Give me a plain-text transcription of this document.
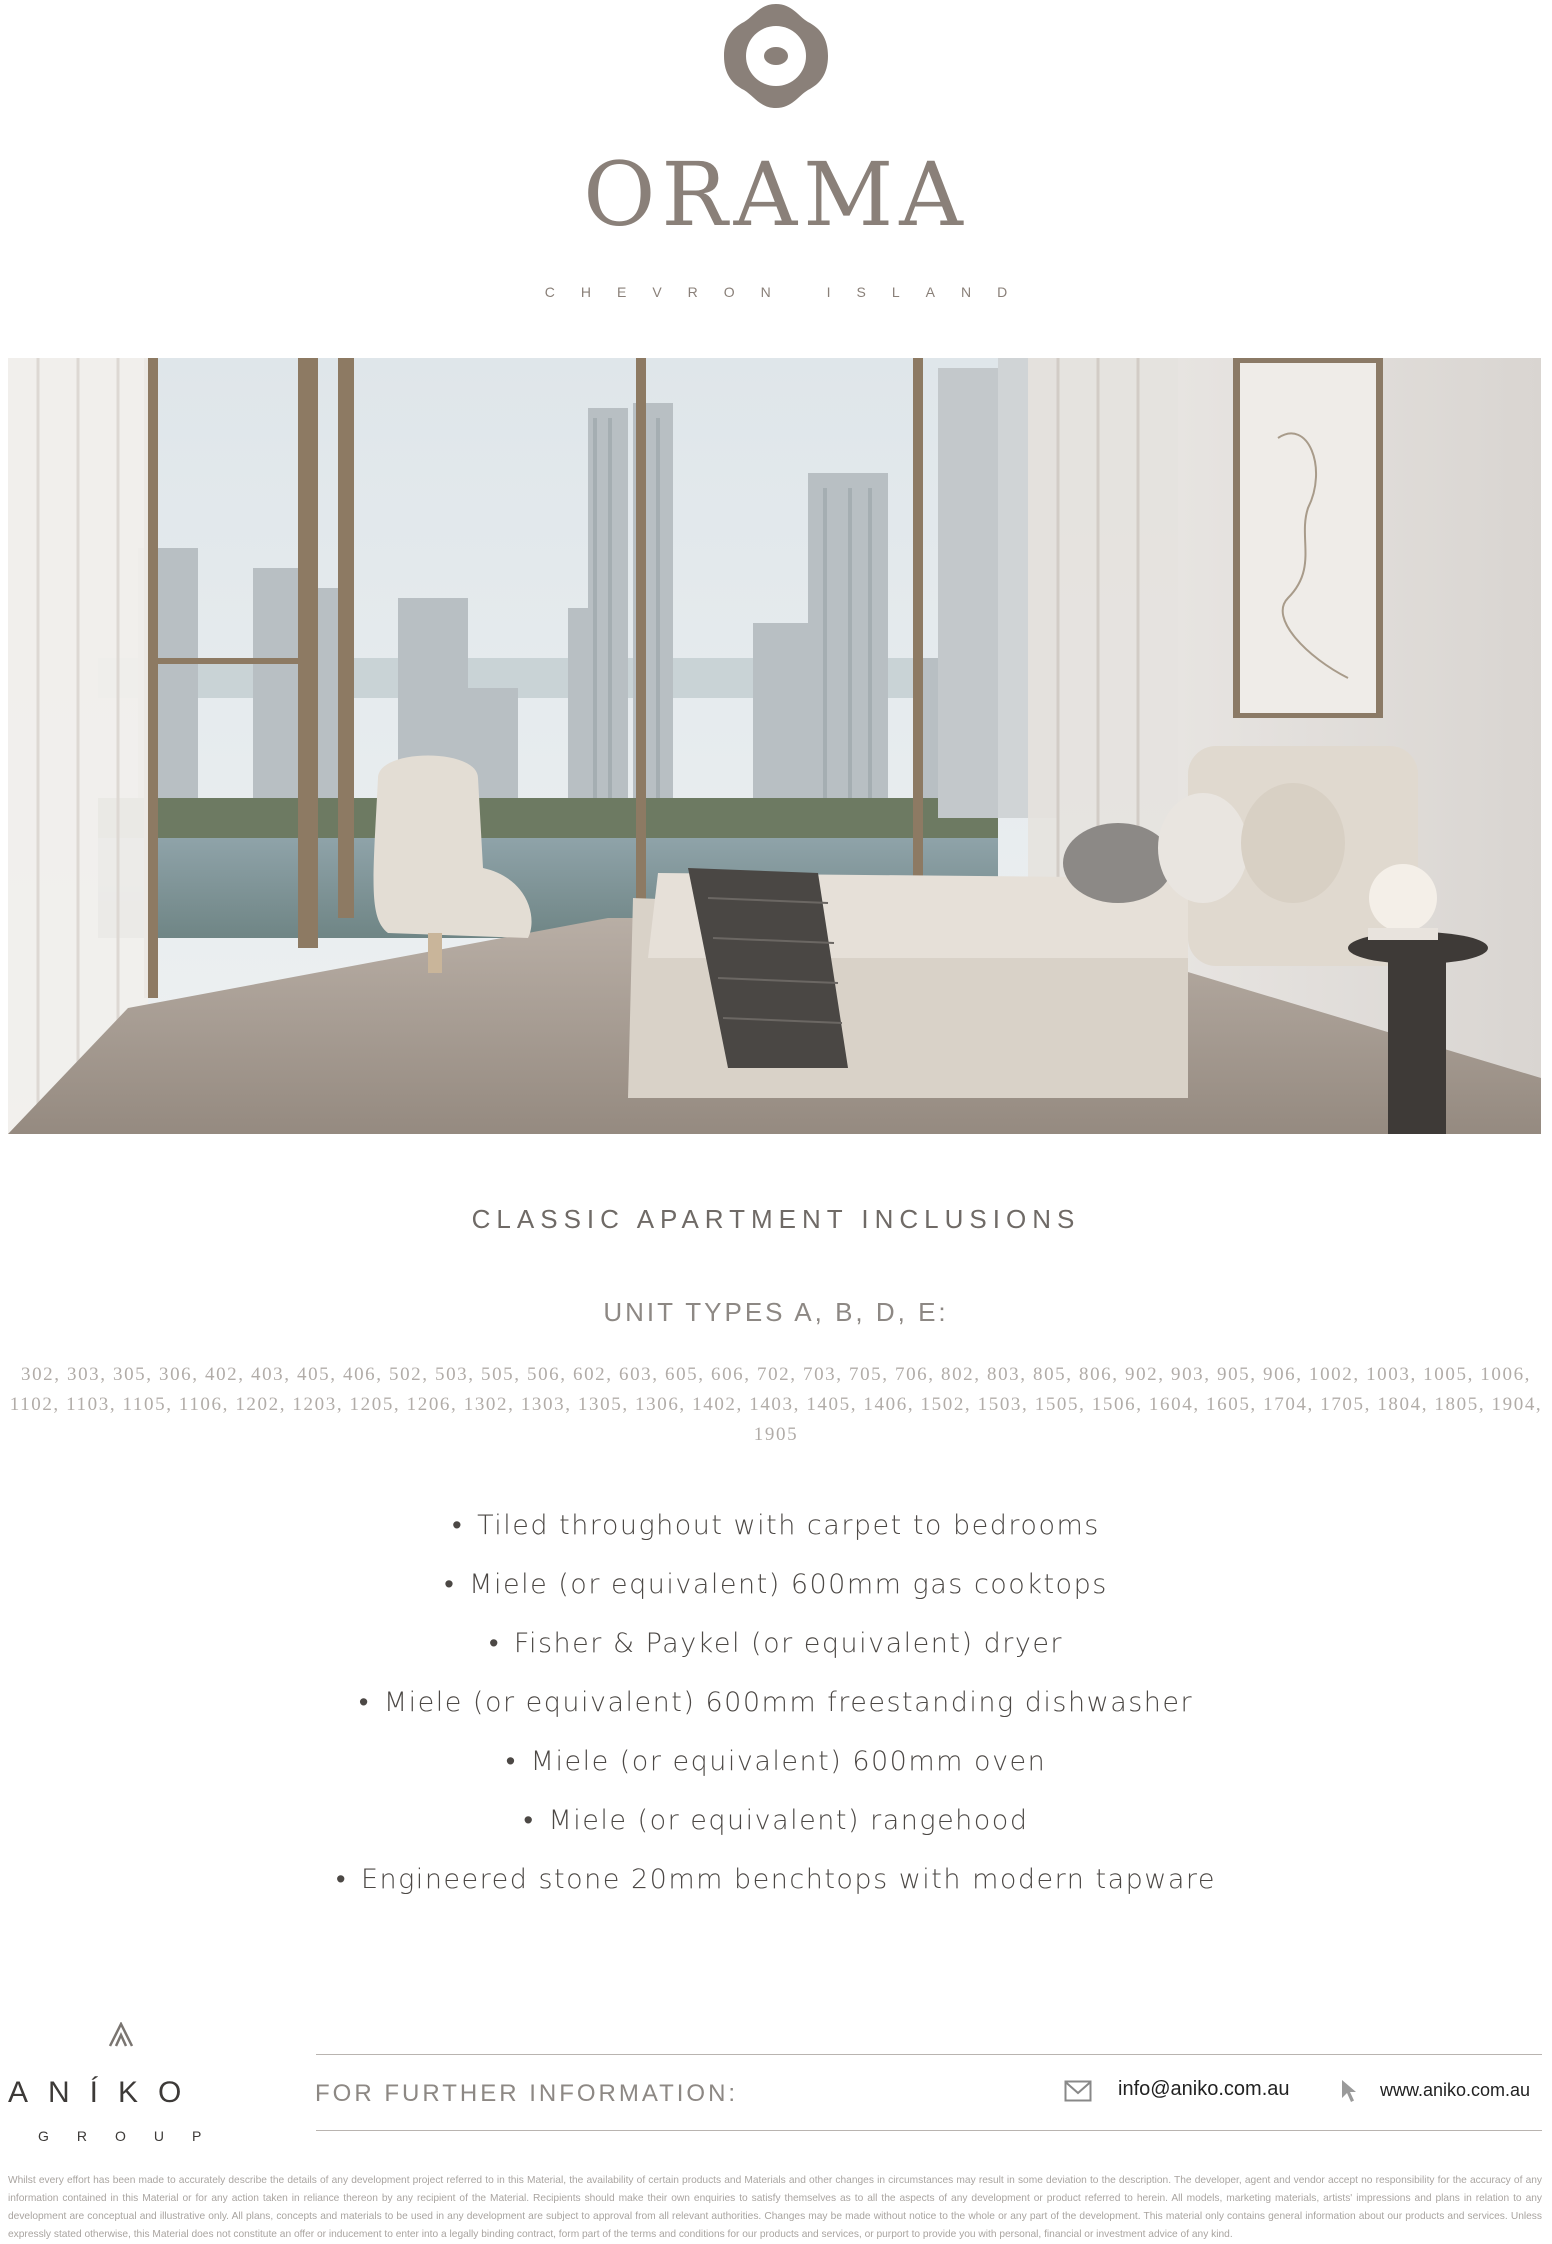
ORAMA
CHEVRON ISLAND
CLASSIC APARTMENT INCLUSIONS
UNIT TYPES A, B, D, E:
302, 303, 305, 306, 402, 403, 405, 406, 502, 503, 505, 506, 602, 603, 605, 606, 702, 703, 705, 706, 802, 803, 805, 806, 902, 903, 905, 906, 1002, 1003, 1005, 1006, 1102, 1103, 1105, 1106, 1202, 1203, 1205, 1206, 1302, 1303, 1305, 1306, 1402, 1403, 1405, 1406, 1502, 1503, 1505, 1506, 1604, 1605, 1704, 1705, 1804, 1805, 1904, 1905
• Tiled throughout with carpet to bedrooms
• Miele (or equivalent) 600mm gas cooktops
• Fisher & Paykel (or equivalent) dryer
• Miele (or equivalent) 600mm freestanding dishwasher
• Miele (or equivalent) 600mm oven
• Miele (or equivalent) rangehood
• Engineered stone 20mm benchtops with modern tapware
ANÍKO
GROUP
FOR FURTHER INFORMATION:	info@aniko.com.au	www.aniko.com.au
Whilst every effort has been made to accurately describe the details of any development project referred to in this Material, the availability of certain products and Materials and other changes in circumstances may result in some deviation to the description. The developer, agent and vendor accept no responsibility for the accuracy of any information contained in this Material or for any action taken in reliance thereon by any recipient of the Material. Recipients should make their own enquiries to satisfy themselves as to all the aspects of any development or product referred to herein. All models, marketing materials, artists' impressions and plans in relation to any development are conceptual and illustrative only. All plans, concepts and materials to be used in any development are subject to approval from all relevant authorities. Changes may be made without notice to the whole or any part of the development. This material only contains general information about our products and services. Unless expressly stated otherwise, this Material does not constitute an offer or inducement to enter into a legally binding contract, form part of the terms and conditions for our products and services, or purport to provide you with personal, financial or investment advice of any kind.
